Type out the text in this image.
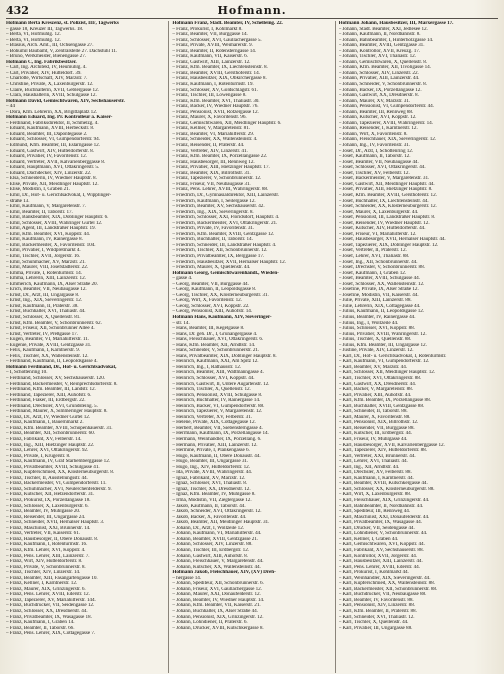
432	Hofmann.
Hofmann Berta Kreszenz, st. Polizist, III/, Tagwerks
– gasse 18, Kreuzer III, Tagwerks. 18.
– Berta, VI, Hofmühlg. 12.
– Berta, VI, Hofmühlg. 12.
– Blasius, Arch. Amt., III, Ochsengasse 27.
– Bohumil Baubamt, V, Zentralstelle 27. Dachstuhl 11.
– Bruno, Werkmeister, Bienengasse 27.
Hofmann C, Ing. Fabrikbesitzer.
– Carl, Ing. Architekt, IV, Heumühlg. 4.
– Carl, Privatier, XIV, Hütteldorf. 39.
– Charlotte, Wirtschaft, XIV, Märzstr. 7.
– Christine, Private, X, Laxenburgerstr. 12.
– Claire, Buchhalterin, XVII, Geblergasse 12.
– Clara, Haushalterin, XVIII, Schulgasse 12.
Hofmann David, Gemischtwaren, XIV, Sechshauserstr.
– 44
– Dora, Kfm. Lehrerin, XX, Brigittaplatz 12.
Hofmann Eduard, Ing. Pr. Kontrolleur a. Kaiser-
– Ferdinand, Fabriksdirektor, II, Schmelzg. 4.
– Eduard, Kaufmann, XVIII, Herbeckstr. 8.
– Eduard, Beamter, III, Dapontegasse 2.
– Eduard, Schlosser, VI, Gumpendorferstr. 94.
– Edmund, Kfm. Beamter, III, Eslarngasse 12.
– Eduard, Gastwirt, XIV, Hütteldorferstr. 8.
– Eduard, Privatier, IV, Favoritenstr. 12.
– Eduard, Vertreter, XVII, Kalvarienberggasse 8.
– Eduard, Hauptmann, XVI, Ottakringerstr. 5.
– Eduard, Dachdecker, XIV, Linzerstr. 22.
– Elsa, Schneiderin, IV, Wiedner Hauptstr. 8.
– Elise, Private, XII, Meidlinger Hauptstr. 12.
– Elise, Modistin, I, Graben 21.
– Emil, Dr., Hof- u. Gerichtsadvokat, I, Wipplinger-
– straße 13.
– Emil, Kaufmann, V, Margaretenstr. 7.
– Emil, Beamter, II, Taborstr. 17.
– Emil, Bankbeamter, XIX, Döblinger Hauptstr. 6.
– Emil, Schlosser, XVIII, Währinger Gürtel 12.
– Emil, Agent, III, Landstraßer Hauptstr. 19.
– Emil, Kfm. Beamter, XVI, Koppstr. 44.
– Emil, Kaufmann, IV, Rainergasse 8.
– Emil, Bäckermeister, X, Favoritenstr. 104.
– Emil, Privatier, I, Wildpretmarkt 4.
– Emil, Tischler, XVII, Jörgerstr. 16.
– Emil, Schuhmacher, XV, Märzstr. 21.
– Emil, Maurer, VIII, Josefstädterstr. 22.
– Emma, Private, I, Rotenturmstr. 14.
– Emma, Lehrerin, XIII, Lainzerstr. 12.
– Emmerich, Kaufmann, IX, Alser Straße 20.
– Erich, Beamter, VII, Neubaugasse 12.
– Ernst, Dr., Arzt, III, Ungargasse 8.
– Ernst, Ing., XIX, Sieveringerstr. 12.
– Ernst, Kaufmann, II, Praterstr. 38.
– Ernst, Buchhalter, XVI, Thaliastr. 44.
– Ernst, Schlosser, X, Quellenstr. 81.
– Ernst, Kfm. Beamter, V, Schönbrunnerstr. 62.
– Ernst, Friseur, XII, Schönbrunner Allee 4.
– Ernst, Vertreter, IV, Preßgasse 17.
– Eugen, Beamter, VI, Mariahilferstr. 11.
– Eugenie, Private, XVIII, Gentzgasse 31.
– Felix, Kaufmann, I, Kärntnerstr. 9.
– Felix, Tischler, XX, Wallensteinstr. 12.
– Ferdinand, Kaufmann, II, Leopoldsgasse 4.
Hofmann Ferdinand, Dr., Hof- u. Gerichtsadvokat,
– I, Schottenring 10.
– Ferdinand, Schlosser, XV, Sechshauserstr. 120.
– Ferdinand, Bäckermeister, V, Reinprechtsdorferstr. 8.
– Ferdinand, Kfm. Beamter, III, Landstr. 12.
– Ferdinand, Tapezierer, XIII, Auhofstr. 6.
– Ferdinand, Fiaker, III, Erdbergstr. 22.
– Ferdinand, Drechsler, XVI, Grundsteing. 5.
– Ferdinand, Maurer, X, Simmeringer Hauptstr. 8.
– Franz, Dr., Arzt, IV, Wiedner Gürtel 12.
– Franz, Kaufmann, I, Bauernmarkt 2.
– Franz, Kfm. Beamter, XVIII, Schopenhauerstr. 31.
– Franz, Beamter, XII, Schönbrunnerstr. 60.
– Franz, Fabrikant, XV, Felberstr. 14.
– Franz, Ing., XIII, Hietzinger Hauptstr. 22.
– Franz, Lehrer, XVI, Ottakringerstr. 92.
– Franz, Private, I, Krugerstr. 8.
– Franz, Kaufmann, IV, Graf Starhemberggasse 12.
– Franz, Privatbeamter, XVIII, Schulgasse 41.
– Franz, Kupferschmied, XX, Klosterneuburgerstr. 8.
– Franz, Tischler, II, Ausstellungsstr. 44.
– Franz, Bäckermeister, VI, Gumpendorferstr. 11.
– Franz, Schuhmacher, XVI, Neulerchenfelderstr. 9.
– Franz, Kutscher, XII, Hetzendorferstr. 31.
– Franz, Prokurist, IX, Porzellangasse 18.
– Franz, Schlosser, X, Laxenburgerstr. 6.
– Franz, Beamter, IV, Mühlgasse 20.
– Franz, Reisender, III, Ungargasse 24.
– Franz, Schneider, XVII, Hernalser Hauptstr. 3.
– Franz, Maschinist, XXI, Brünnerstr. 14.
– Franz, Vertreter, VII, Kaiserstr. 61.
– Franz, Hausbesorger, II, Obere Donaustr. 8.
– Franz, Kaufmann, I, Rotenturmstr. 16.
– Franz, Kfm. Lehrer, XVI, Koppstr. 4.
– Franz, Pens. Lehrer, XIII, Lainzerstr. 7.
– Franz, Wirt, XIV, Hütteldorferstr. 8.
– Franz, Private, V, Schönbrunnerstr. 8.
– Franz, Tischler, XIV, Linzerstr. 14.
– Franz, Beamter, XIII, Fasangartengasse 10.
– Franz, Kellner, I, Kärntnerstr. 12.
– Franz, Maurer, XIX, Grinzingerstr. 6.
– Franz, Pens. Lehrer, XVIII, Ederstr. 12.
– Franz, Tapezierer, XV, Mariahilferstr. 144.
– Franz, Buchdrucker, VII, Seidengasse 12.
– Franz, Schlosser, XX, Dresdnerstr. 44.
– Franz, Privatbeamter, IX, Wasagasse 18.
– Franz, Kaufmann, I, Graben 14.
– Franz, Beamter, II, Taborstr. 66.
– Franz, Pens. Lehrer, XIX, Cottagegasse 7.
Hofmann Franz, Städt. Beamter, IV, Schelleing. 22.
– Franz, Prokurist, I, Kohlmarkt 8.
– Franz, Beamter, VII, Burggasse 14.
– Franz, Schlosser, XVI, Gaullachergasse 5.
– Franz, Private, XVIII, Weimarerstr. 9.
– Franz, Beamter, II, Rotensterngasse 14.
– Franz, Kaufmann, VII, Kaiserstr. 6.
– Franz, Gastwirt, XIII, Lainzerstr. 12.
– Franz, Kfm. Beamter, IX, Liechtensteinstr. 8.
– Franz, Beamter, XVIII, Gersthoferstr. 14.
– Franz, Hausbesitzer, XIX, Obkirchergasse 8.
– Franz, Kaufmann, I, Rotenturmstr. 19.
– Franz, Schlosser, XV, Goldschlagstr. 61.
– Franz, Tischler, III, Löwengasse 8.
– Franz, Kfm. Beamter, XVI, Thaliastr. 30.
– Franz, Bäcker, IV, Wiedner Hauptstr. 76.
– Franz, Pensionist, XVII, Rötzergasse 12.
– Franz, Maurer, X, Favoritenstr. 96.
– Franz, Gemischtwaren, XII, Meidlinger Hauptstr. 6.
– Franz, Kellner, V, Margaretenstr. 81.
– Franz, Beamter, VI, Mariahilferstr. 29.
– Franz, Schneider, XX, Wallensteinstr. 4.
– Franz, Reisender, II, Praterstr. 44.
– Franz, Vertreter, XIV, Linzerstr. 41.
– Franz, Kfm. Beamter, IX, Porzellangasse 22.
– Franz, Hausbesorger, III, Rennweg 12.
– Franz, Privatier, XIII, Hietzinger Hauptstr. 17.
– Franz, Beamter, XIX, Billrothstr. 31.
– Franz, Tapezierer, V, Schönbrunnerstr. 12.
– Franz, Friseur, VII, Neubaugasse 31.
– Franz, Pens. Lehrer, XVIII, Währingerstr. 88.
– Friedrich, Dr., Gymnasialdirektor, XIII, Lainzerstr.
– Friedrich, Kaufmann, I, Seilergasse 12.
– Friedrich, Beamter, XV, Sechshauserstr. 42.
– Friedrich, Ing., XIX, Sieveringerstr. 8.
– Friedrich, Schlosser, XXI, Floridsdorf, Hauptstr. 4.
– Friedrich, Bäckermeister, XVI, Ottakringerstr. 21.
– Friedrich, Private, IV, Favoritenstr. 31.
– Friedrich, Kfm. Beamter, XVIII, Gentzgasse 12.
– Friedrich, Buchhalter, II, Taborstr. 14.
– Friedrich, Schneider, III, Landstraßer Hauptstr. 4.
– Friedrich, Tischler, XII, Schönbrunnerstr. 12.
– Friedrich, Privatbeamter, IX, Berggasse 17.
– Friedrich, Hausbesitzer, XVII, Hernalser Hauptstr. 12.
– Friedrich, Maurer, X, Quellenstr. 44.
Hofmann Georg, Gemischtwarenhändl., Wieden-
– gasse 4.
– Georg, Beamter, VII, Burggasse 44.
– Georg, Kaufmann, II, Leopoldsgasse 8.
– Georg, Tischler, XX, Klosterneuburgerstr. 31.
– Georg, Wirt, X, Favoritenstr. 12.
– Georg, Schlosser, XVI, Koppstr. 22.
– Georg, Pensionist, XIII, Auhofstr. 14.
Hofmann Hans, Kaufmann, XIV, Sieveringer-
– str. 14.
– Hans, Beamter, III, Kegelgasse 8.
– Hans, Dr. geh. Dr., I, Grünangergasse 4.
– Hans, Fleischhauer, XVI, Ottakringerstr. 6.
– Hans, Kfm. Beamter, XII, Arndtstr. 14.
– Hans, Schneider, V, Schönbrunnerstr. 21.
– Hans, Privatbeamter, XIX, Döblinger Hauptstr. 8.
– Heinrich, Kaufmann, XXI, Am Spitz 12.
– Heinrich, Ing., I, Rathausstr. 12.
– Heinrich, Beamter, XIII, Wattmanngasse 4.
– Heinrich, Schlosser, XVI, Koppstr. 44.
– Heinrich, Gastwirt, II, Untere Augartenstr. 12.
– Heinrich, Tischler, X, Quellenstr. 12.
– Heinrich, Pensionist, XVIII, Schulgasse 8.
– Heinrich, Buchhalter, IV, Rainergasse 14.
– Heinrich, Bäcker, VI, Gumpendorferstr. 88.
– Heinrich, Tapezierer, V, Margaretenstr. 12.
– Heinrich, Vertreter, XV, Felberstr. 31.
– Helene, Private, XIX, Cottagegasse 12.
– Herbert, Beamter, VII, Siebensterngasse 4.
– Herrmann, Kaufmann, IX, Porzellangasse 14.
– Hermann, Weinhändler, IX, Porzellang. 6.
– Hermann, Privatier, XIII, Lainzerstr. 12.
– Hermine, Private, I, Plankengasse 6.
– Hugo, Kaufmann, II, Obere Donaustr. 44.
– Hugo, Beamter, III, Ungargasse 31.
– Hugo, Ing., XIV, Hütteldorferstr. 12.
– Ida, Private, XVIII, Währingerstr. 44.
– Ignaz, Fabrikant, XV, Märzstr. 12.
– Ignaz, Schlosser, XVI, Thaliastr. 8.
– Ignaz, Tischler, XX, Dresdnerstr. 12.
– Ignaz, Kfm. Beamter, IV, Mühlgasse 8.
– Irma, Modistin, VII, Zieglergasse 12.
– Jakob, Kaufmann, II, Taborstr. 44.
– Jakob, Schneider, XVI, Ottakringerstr. 12.
– Jakob, Bäcker, X, Favoritenstr. 44.
– Jakob, Beamter, XII, Meidlinger Hauptstr. 31.
– Johann, Dr., Arzt, I, Wollzeile 12.
– Johann, Kaufmann, VI, Mariahilferstr. 44.
– Johann, Beamter, XVIII, Gentzgasse 21.
– Johann, Schlosser, XIV, Linzerstr. 88.
– Johann, Tischler, III, Erdbergstr. 12.
– Johann, Gastwirt, XIII, Auhofstr. 8.
– Johann, Fleischhauer, V, Margaretenstr. 44.
– Johann, Kutscher, XX, Wallensteinstr. 44.
Hofmann Jakob, Fleischhauer, XIV, (XV) Dreh-
– hergasse 14.
– Johann, Spediteur, XII, Schönbrunnerstr. 6.
– Johann, Friseur, XVI, Gaullachergasse 12.
– Johann, Maurer, XXI, Donaufelderstr. 12.
– Johann, Beamter, IV, Wiedner Hauptstr. 14.
– Johann, Kfm. Beamter, VII, Kaiserstr. 21.
– Johann, Buchhalter, IX, Alser Straße 44.
– Johann, Pensionist, XIX, Grinzingerstr. 12.
– Johann, Lohndiener, II, Praterstr. 6.
– Johann, Drucker, XVIII, Kutschkergasse 8.
Hofmann Johann, Hausbesitzer, III, Marxergasse 17.
– Johann, Städt. Beamter, XXI, Jedlesee 12.
– Johann, Kaufmann, II, Nordbahnstr. 8.
– Johann, Bahnbeamter, I, Hinterholzgasse 14.
– Johann, Beamter, XVIII, Gentzgasse 31.
– Johann, Kontrollor, XVII, Kreuzg. 17.
– Johann, Tischler, XVI, Thaliastr. 12.
– Johann, Gemischtwaren, X, Quellenstr. 8.
– Johann, Kfm. Beamter, XII, Tivoligasse 14.
– Johann, Schlosser, XIV, Linzerstr. 22.
– Johann, Privatier, XIII, Lainzerstr. 44.
– Johann, Schneider, V, Schönbrunnerstr. 8.
– Johann, Bäcker, IX, Porzellangasse 12.
– Johann, Gastwirt, XX, Dresdnerstr. 8.
– Johann, Maurer, XV, Märzstr. 31.
– Johann, Pensionist, VI, Gumpendorferstr. 44.
– Johann, Beamter, III, Rennweg 88.
– Johann, Kutscher, XVI, Koppstr. 12.
– Johann, Tapezierer, XVIII, Währingerstr. 14.
– Johann, Reisender, I, Kärntnerstr. 12.
– Johann, Wirt, X, Favoritenstr. 8.
– Johann, Fleischhauer, XIX, Sieveringerstr. 12.
– Johann, Ing., IV, Favoritenstr. 31.
– Josef, Dr., Arzt, I, Schottenring 12.
– Josef, Kaufmann, II, Taborstr. 12.
– Josef, Beamter, VII, Neubaugasse 44.
– Josef, Schlosser, XVI, Ottakringerstr. 44.
– Josef, Tischler, XV, Felberstr. 12.
– Josef, Bäckermeister, V, Margaretenstr. 31.
– Josef, Gastwirt, XII, Meidlinger Hauptstr. 44.
– Josef, Privatier, XIII, Hietzinger Hauptstr. 8.
– Josef, Kfm. Beamter, XVIII, Gersthoferstr. 12.
– Josef, Buchhalter, IX, Liechtensteinstr. 44.
– Josef, Schneider, XX, Klosterneuburgerstr. 12.
– Josef, Maurer, X, Laxenburgerstr. 44.
– Josef, Pensionist, III, Landstraßer Hauptstr. 8.
– Josef, Reisender, IV, Wiedner Hauptstr. 12.
– Josef, Kutscher, XIV, Hütteldorferstr. 44.
– Josef, Friseur, VI, Mariahilferstr. 12.
– Josef, Hausbesorger, XVII, Hernalser Hauptstr. 44.
– Josef, Tapezierer, XIX, Döblinger Hauptstr. 12.
– Josef, Vertreter, II, Praterstr. 12.
– Josef, Lehrer, XVI, Thaliastr. 88.
– Josef, Ing., XII, Schönbrunnerstr. 44.
– Josef, Drechsler, V, Schönbrunnerstr. 88.
– Josef, Kaufmann, I, Graben 12.
– Josef, Beamter, XVIII, Schulgasse 44.
– Josef, Schlosser, XX, Wallensteinstr. 12.
– Josefine, Private, IX, Alser Straße 12.
– Josefine, Modistin, VII, Kaiserstr. 44.
– Julie, Private, XIII, Lainzerstr. 88.
– Julie, Lehrerin, XIX, Cottagegasse 44.
– Julius, Kaufmann, II, Leopoldsgasse 12.
– Julius, Beamter, IV, Rainergasse 44.
– Julius, Ing., I, Wollzeile 44.
– Julius, Schlosser, XVI, Koppstr. 88.
– Julius, Privatier, XVIII, Währingerstr. 12.
– Julius, Tischler, X, Quellenstr. 88.
– Julius, Kfm. Beamter, III, Ungargasse 12.
– Justine, Private, XIV, Linzerstr. 12.
– Karl, Dr., Hof- u. Gerichtsadvokat, I, Rotenturmstr.
– Karl, Kaufmann, VI, Gumpendorferstr. 12.
– Karl, Beamter, XV, Märzstr. 44.
– Karl, Schlosser, XII, Meidlinger Hauptstr. 12.
– Karl, Tischler, XVI, Ottakringerstr. 88.
– Karl, Gastwirt, XX, Dresdnerstr. 44.
– Karl, Bäcker, V, Margaretenstr. 88.
– Karl, Privatier, XIII, Auhofstr. 44.
– Karl, Kfm. Beamter, IX, Porzellangasse 88.
– Karl, Buchhalter, XVIII, Gentzgasse 88.
– Karl, Schneider, II, Taborstr. 88.
– Karl, Maurer, X, Favoritenstr. 88.
– Karl, Pensionist, XIX, Billrothstr. 12.
– Karl, Reisender, VII, Burggasse 88.
– Karl, Kutscher, III, Erdbergstr. 44.
– Karl, Friseur, IV, Mühlgasse 44.
– Karl, Hausbesorger, XVII, Kalvarienberggasse 12.
– Karl, Tapezierer, XIV, Hütteldorferstr. 88.
– Karl, Vertreter, XXI, Brünnerstr. 44.
– Karl, Lehrer, XVI, Thaliastr. 44.
– Karl, Ing., XII, Arndtstr. 44.
– Karl, Drechsler, XV, Felberstr. 88.
– Karl, Kaufmann, I, Kärntnerstr. 44.
– Karl, Beamter, XVIII, Kutschkergasse 44.
– Karl, Schlosser, XX, Klosterneuburgerstr. 88.
– Karl, Wirt, X, Laxenburgerstr. 88.
– Karl, Fleischhauer, XIX, Grinzingerstr. 44.
– Karl, Bahnbeamter, II, Nordbahnstr. 44.
– Karl, Spediteur, III, Rennweg 44.
– Karl, Maschinist, XXI, Donaufelderstr. 44.
– Karl, Privatbeamter, IX, Wasagasse 44.
– Karl, Drucker, VII, Seidengasse 44.
– Karl, Lohndiener, V, Schönbrunnerstr. 44.
– Karl, Kellner, I, Graben 44.
– Karl, Gemischtwaren, XVI, Koppstr. 44.
– Karl, Fabrikant, XV, Sechshauserstr. 88.
– Karl, Kontrollor, XVII, Jörgerstr. 44.
– Karl, Hausbesitzer, XIII, Lainzerstr. 44.
– Karl, Pens. Lehrer, XVIII, Ederstr. 44.
– Karl, Prokurist, I, Kohlmarkt 44.
– Karl, Weinhändler, XIX, Sieveringerstr. 44.
– Karl, Kupferschmied, XX, Wallensteinstr. 88.
– Karl, Bäckermeister, XII, Schönbrunnerstr. 88.
– Karl, Buchdrucker, VII, Neubaugasse 88.
– Karl, Beamter, IV, Favoritenstr. 88.
– Karl, Pensionist, XIV, Linzerstr. 88.
– Karl, Kfm. Beamter, II, Praterstr. 88.
– Karl, Schneider, XVI, Thaliastr. 12.
– Karl, Tischler, X, Quellenstr. 44.
– Karl, Privatier, III, Ungargasse 88.
